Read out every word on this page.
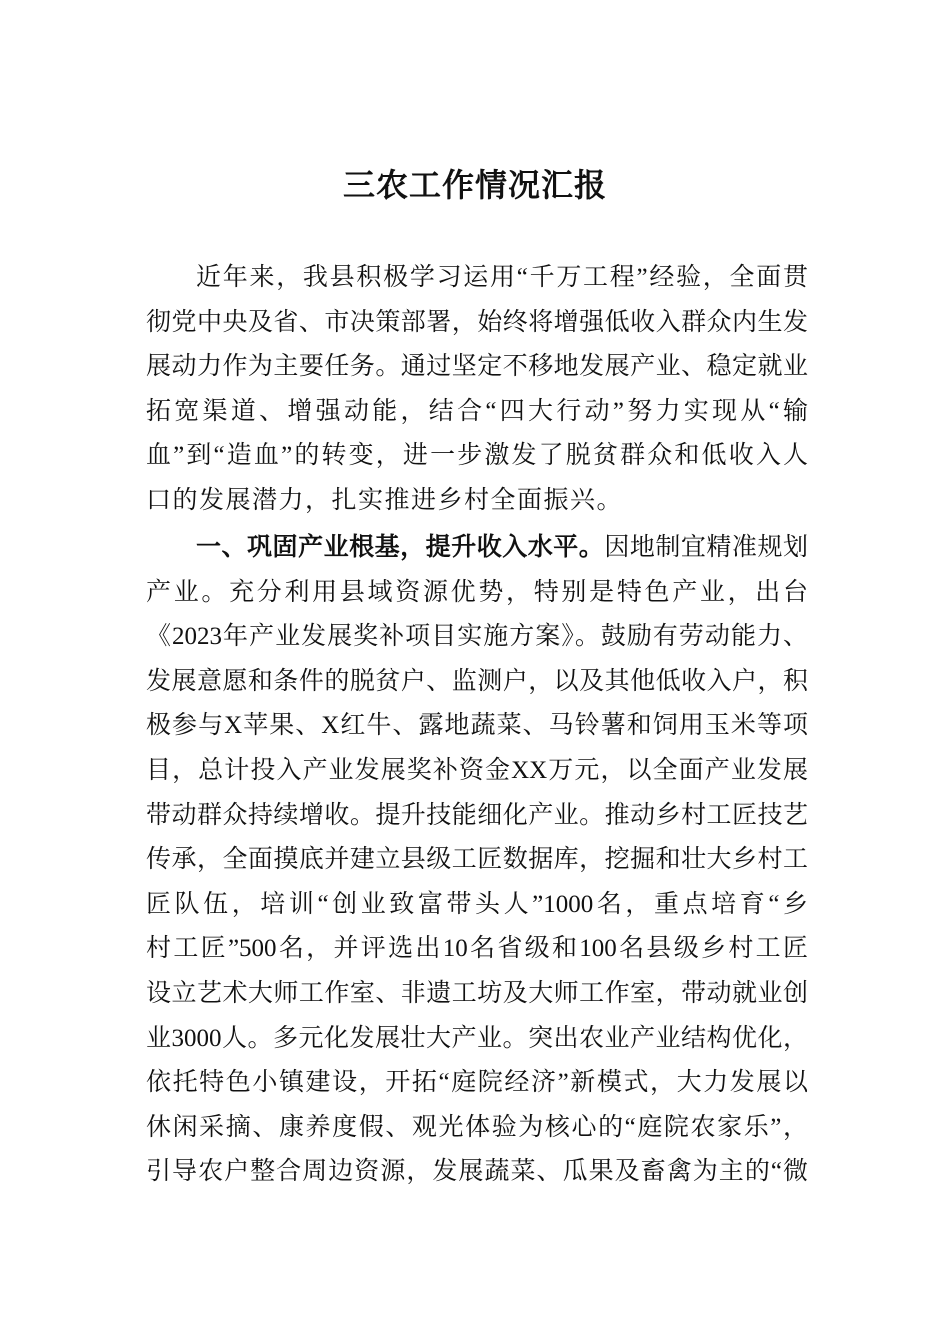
三农工作情况汇报
近年来，我县积极学习运用“千万工程”经验，全面贯
彻党中央及省、市决策部署，始终将增强低收入群众内生发
展动力作为主要任务。通过坚定不移地发展产业、稳定就业
拓宽渠道、增强动能，结合“四大行动”努力实现从“输
血”到“造血”的转变，进一步激发了脱贫群众和低收入人
口的发展潜力，扎实推进乡村全面振兴。
一、巩固产业根基，提升收入水平。因地制宜精准规划
产业。充分利用县域资源优势，特别是特色产业，出台
《2023年产业发展奖补项目实施方案》。鼓励有劳动能力、
发展意愿和条件的脱贫户、监测户，以及其他低收入户，积
极参与X苹果、X红牛、露地蔬菜、马铃薯和饲用玉米等项
目，总计投入产业发展奖补资金XX万元，以全面产业发展
带动群众持续增收。提升技能细化产业。推动乡村工匠技艺
传承，全面摸底并建立县级工匠数据库，挖掘和壮大乡村工
匠队伍，培训“创业致富带头人”1000名，重点培育“乡
村工匠”500名，并评选出10名省级和100名县级乡村工匠
设立艺术大师工作室、非遗工坊及大师工作室，带动就业创
业3000人。多元化发展壮大产业。突出农业产业结构优化，
依托特色小镇建设，开拓“庭院经济”新模式，大力发展以
休闲采摘、康养度假、观光体验为核心的“庭院农家乐”，
引导农户整合周边资源，发展蔬菜、瓜果及畜禽为主的“微
